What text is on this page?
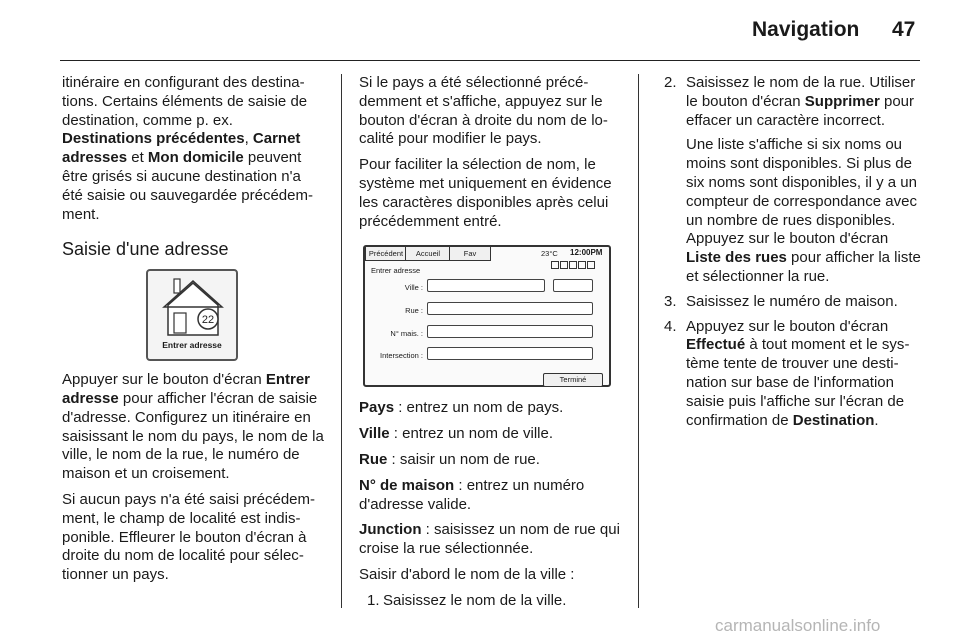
Navigation 47

itinéraire en configurant des destinations. Certains éléments de saisie de destination, comme p. ex. Destinations précédentes, Carnet adresses et Mon domicile peuvent être grisés si aucune destination n'a été saisie ou sauvegardée précédemment.

Saisie d'une adresse
22
Entrer adresse

Appuyer sur le bouton d'écran Entrer adresse pour afficher l'écran de saisie d'adresse. Configurez un itinéraire en saisissant le nom du pays, le nom de la ville, le nom de la rue, le numéro de maison et un croisement.

Si aucun pays n'a été saisi précédemment, le champ de localité est indisponible. Effleurer le bouton d'écran à droite du nom de localité pour sélectionner un pays.

Si le pays a été sélectionné précédemment et s'affiche, appuyez sur le bouton d'écran à droite du nom de localité pour modifier le pays.

Pour faciliter la sélection de nom, le système met uniquement en évidence les caractères disponibles après celui précédemment entré.

Précédent	Accueil	Fav	23°C 12:00PM
Entrer adresse
Ville :
Rue :
N° mais. :
Intersection :
Terminé

Pays : entrez un nom de pays.

Ville : entrez un nom de ville.

Rue : saisir un nom de rue.

N° de maison : entrez un numéro d'adresse valide.

Junction : saisissez un nom de rue qui croise la rue sélectionnée.

Saisir d'abord le nom de la ville :

1. Saisissez le nom de la ville.
2. Saisissez le nom de la rue. Utiliser le bouton d'écran Supprimer pour effacer un caractère incorrect.
Une liste s'affiche si six noms ou moins sont disponibles. Si plus de six noms sont disponibles, il y a un compteur de correspondance avec un nombre de rues disponibles. Appuyez sur le bouton d'écran Liste des rues pour afficher la liste et sélectionner la rue.
3. Saisissez le numéro de maison.
4. Appuyez sur le bouton d'écran Effectué à tout moment et le système tente de trouver une destination sur base de l'information saisie puis l'affiche sur l'écran de confirmation de Destination.
carmanualsonline.info
